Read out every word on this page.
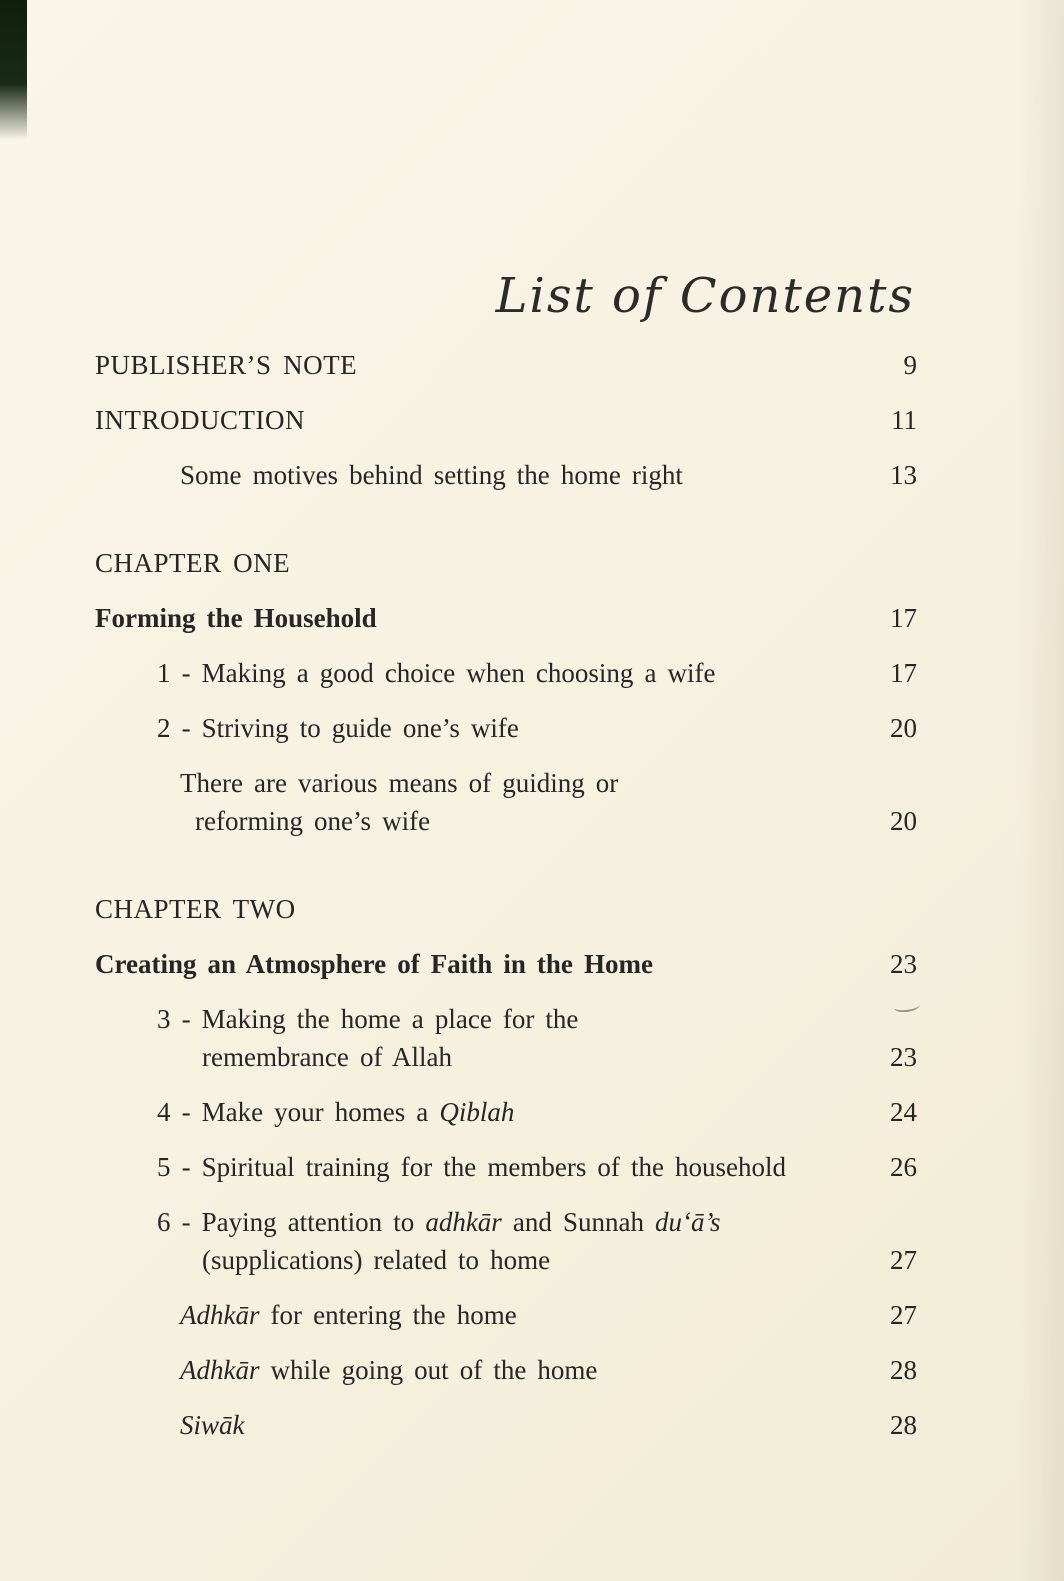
List of Contents
PUBLISHER’S NOTE	9
INTRODUCTION	11
Some motives behind setting the home right	13
CHAPTER ONE
Forming the Household	17
1 - Making a good choice when choosing a wife	17
2 - Striving to guide one’s wife	20
There are various means of guiding or
reforming one’s wife	20
CHAPTER TWO
Creating an Atmosphere of Faith in the Home	23
3 - Making the home a place for the
remembrance of Allah	23
4 - Make your homes a Qiblah	24
5 - Spiritual training for the members of the household	26
6 - Paying attention to adhkār and Sunnah du‘ā’s
(supplications) related to home	27
Adhkār for entering the home	27
Adhkār while going out of the home	28
Siwāk	28
